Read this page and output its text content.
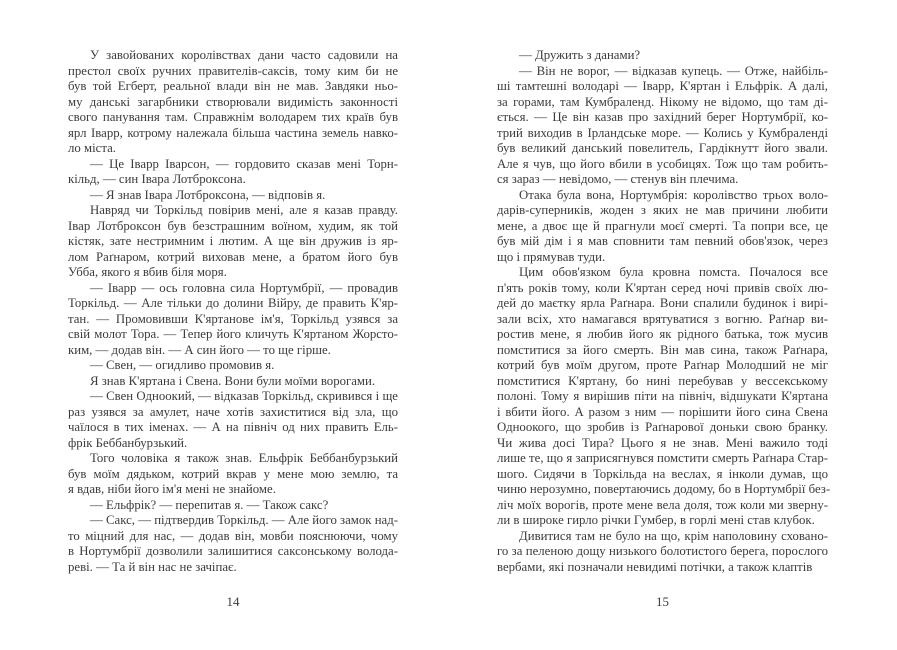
У завойованих королівствах дани часто садовили на
престол своїх ручних правителів-саксів, тому ким би не
був той Егберт, реальної влади він не мав. Завдяки ньо-
му данські загарбники створювали видимість законності
свого панування там. Справжнім володарем тих країв був
ярл Іварр, котрому належала більша частина земель навко-
ло міста.
— Це Іварр Іварсон, — гордовито сказав мені Торн-
кільд, — син Івара Лотброксона.
— Я знав Івара Лотброксона, — відповів я.
Навряд чи Торкільд повірив мені, але я казав правду.
Івар Лотброксон був безстрашним воїном, худим, як той
кістяк, зате нестримним і лютим. А ще він дружив із яр-
лом Раґнаром, котрий виховав мене, а братом його був
Убба, якого я вбив біля моря.
— Іварр — ось головна сила Нортумбрії, — провадив
Торкільд. — Але тільки до долини Війру, де править К'яр-
тан. — Промовивши К'яртанове ім'я, Торкільд узявся за
свій молот Тора. — Тепер його кличуть К'яртаном Жорсто-
ким, — додав він. — А син його — то ще гірше.
— Свен, — огидливо промовив я.
Я знав К'яртана і Свена. Вони були моїми ворогами.
— Свен Одноокий, — відказав Торкільд, скривився і ще
раз узявся за амулет, наче хотів захиститися від зла, що
чаїлося в тих іменах. — А на північ од них править Ель-
фрік Беббанбурзький.
Того чоловіка я також знав. Ельфрік Беббанбурзький
був моїм дядьком, котрий вкрав у мене мою землю, та
я вдав, ніби його ім'я мені не знайоме.
— Ельфрік? — перепитав я. — Також сакс?
— Сакс, — підтвердив Торкільд. — Але його замок над-
то міцний для нас, — додав він, мовби пояснюючи, чому
в Нортумбрії дозволили залишитися саксонському волода-
реві. — Та й він нас не зачіпає.
14
— Дружить з данами?
— Він не ворог, — відказав купець. — Отже, найбіль-
ші тамтешні володарі — Іварр, К'яртан і Ельфрік. А далі,
за горами, там Кумбраленд. Нікому не відомо, що там ді-
ється. — Це він казав про західний берег Нортумбрії, ко-
трий виходив в Ірландське море. — Колись у Кумбраленді
був великий данський повелитель, Гардікнутт його звали.
Але я чув, що його вбили в усобицях. Тож що там робить-
ся зараз — невідомо, — стенув він плечима.
Отака була вона, Нортумбрія: королівство трьох воло-
дарів-суперників, жоден з яких не мав причини любити
мене, а двоє ще й прагнули моєї смерті. Та попри все, це
був мій дім і я мав сповнити там певний обов'язок, через
що і прямував туди.
Цим обов'язком була кровна помста. Почалося все
п'ять років тому, коли К'яртан серед ночі привів своїх лю-
дей до маєтку ярла Раґнара. Вони спалили будинок і вирі-
зали всіх, хто намагався врятуватися з вогню. Раґнар ви-
ростив мене, я любив його як рідного батька, тож мусив
помститися за його смерть. Він мав сина, також Раґнара,
котрий був моїм другом, проте Раґнар Молодший не міг
помститися К'яртану, бо нині перебував у вессекському
полоні. Тому я вирішив піти на північ, відшукати К'яртана
і вбити його. А разом з ним — порішити його сина Свена
Одноокого, що зробив із Раґнарової доньки свою бранку.
Чи жива досі Тира? Цього я не знав. Мені важило тоді
лише те, що я заприсягнувся помстити смерть Раґнара Стар-
шого. Сидячи в Торкільда на веслах, я інколи думав, що
чиню нерозумно, повертаючись додому, бо в Нортумбрії без-
ліч моїх ворогів, проте мене вела доля, тож коли ми зверну-
ли в широке гирло річки Гумбер, в горлі мені став клубок.
Дивитися там не було на що, крім наполовину сховано-
го за пеленою дощу низького болотистого берега, порослого
вербами, які позначали невидимі потічки, а також клаптів
15
